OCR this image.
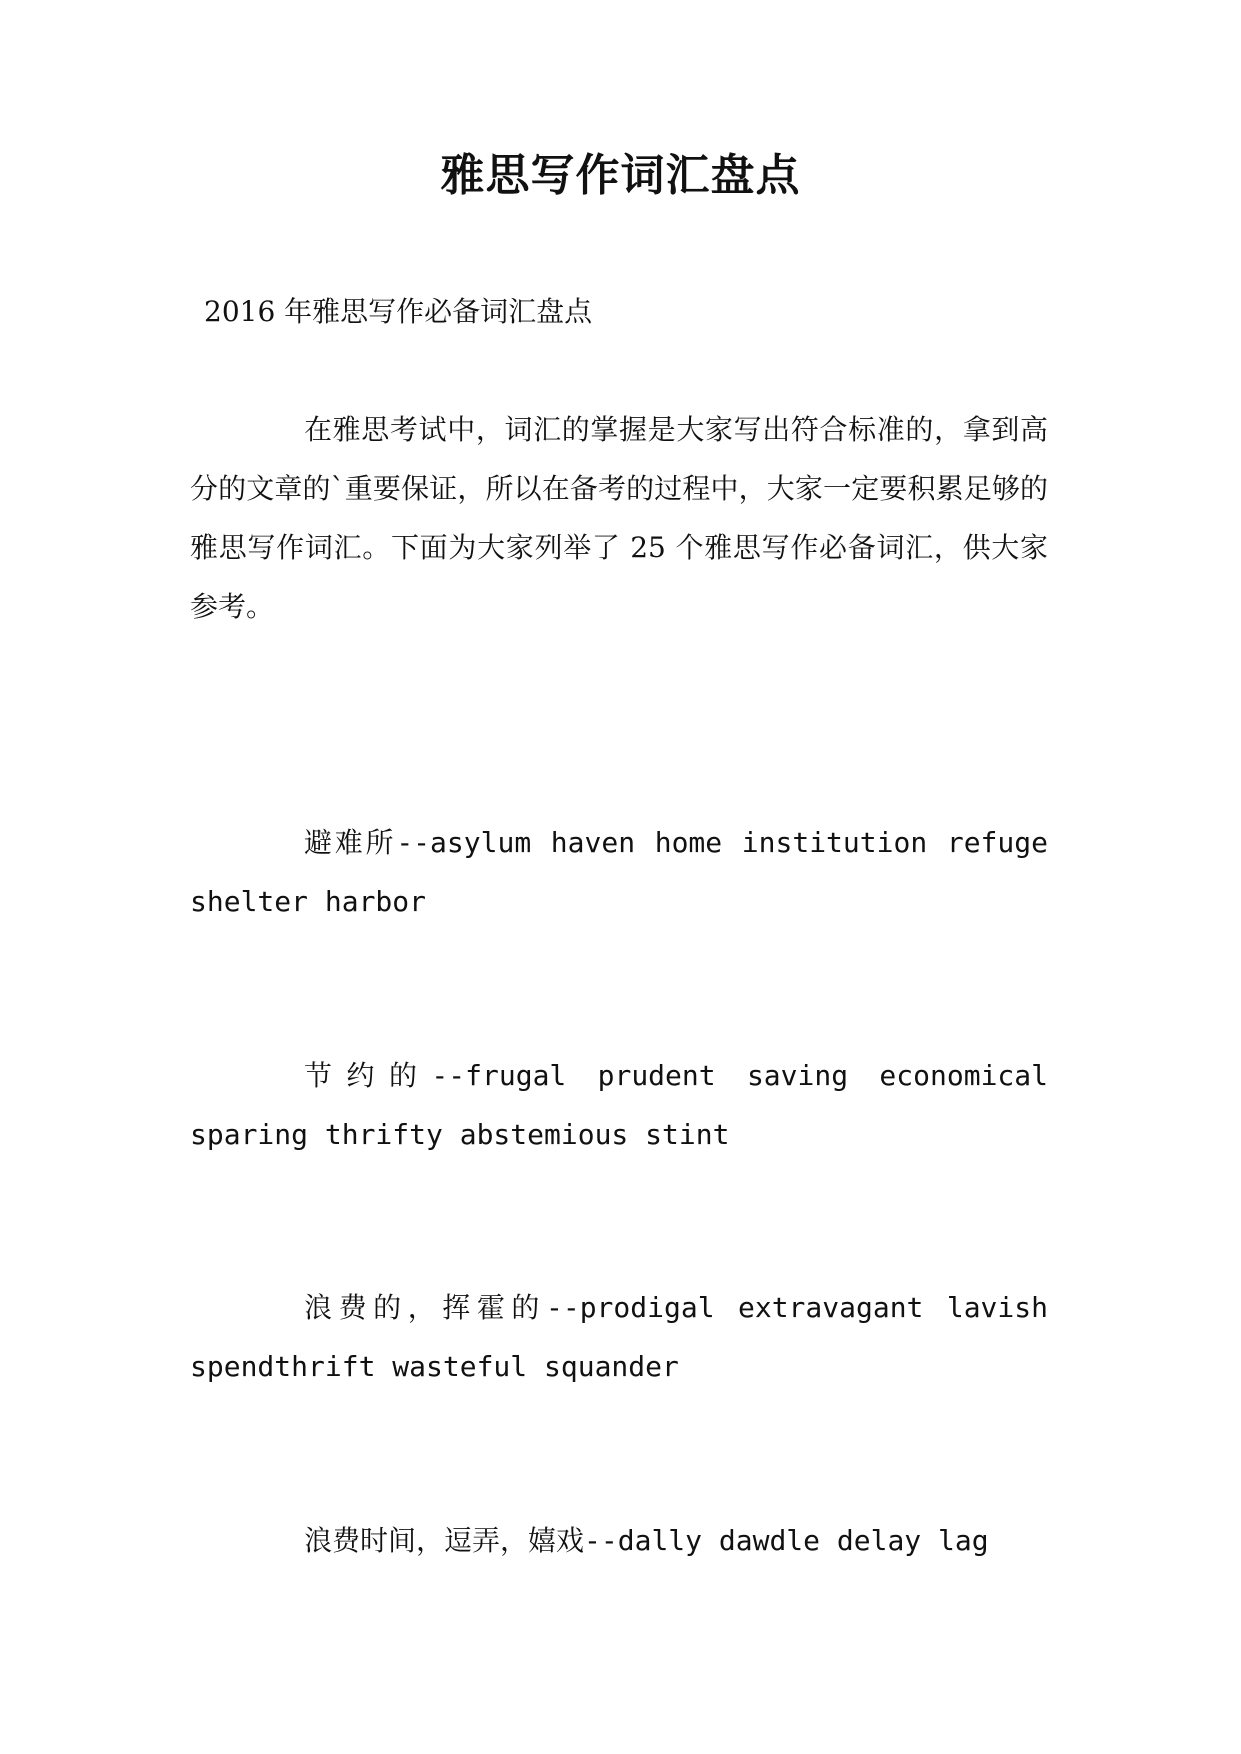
雅思写作词汇盘点

2016 年雅思写作必备词汇盘点

在雅思考试中，词汇的掌握是大家写出符合标准的，拿到高分的文章的`重要保证，所以在备考的过程中，大家一定要积累足够的雅思写作词汇。下面为大家列举了 25 个雅思写作必备词汇，供大家参考。

避难所--asylum haven home institution refuge shelter harbor

节约的--frugal prudent saving economical sparing thrifty abstemious stint

浪费的，挥霍的--prodigal extravagant lavish spendthrift wasteful squander

浪费时间，逗弄，嬉戏--dally dawdle delay lag
